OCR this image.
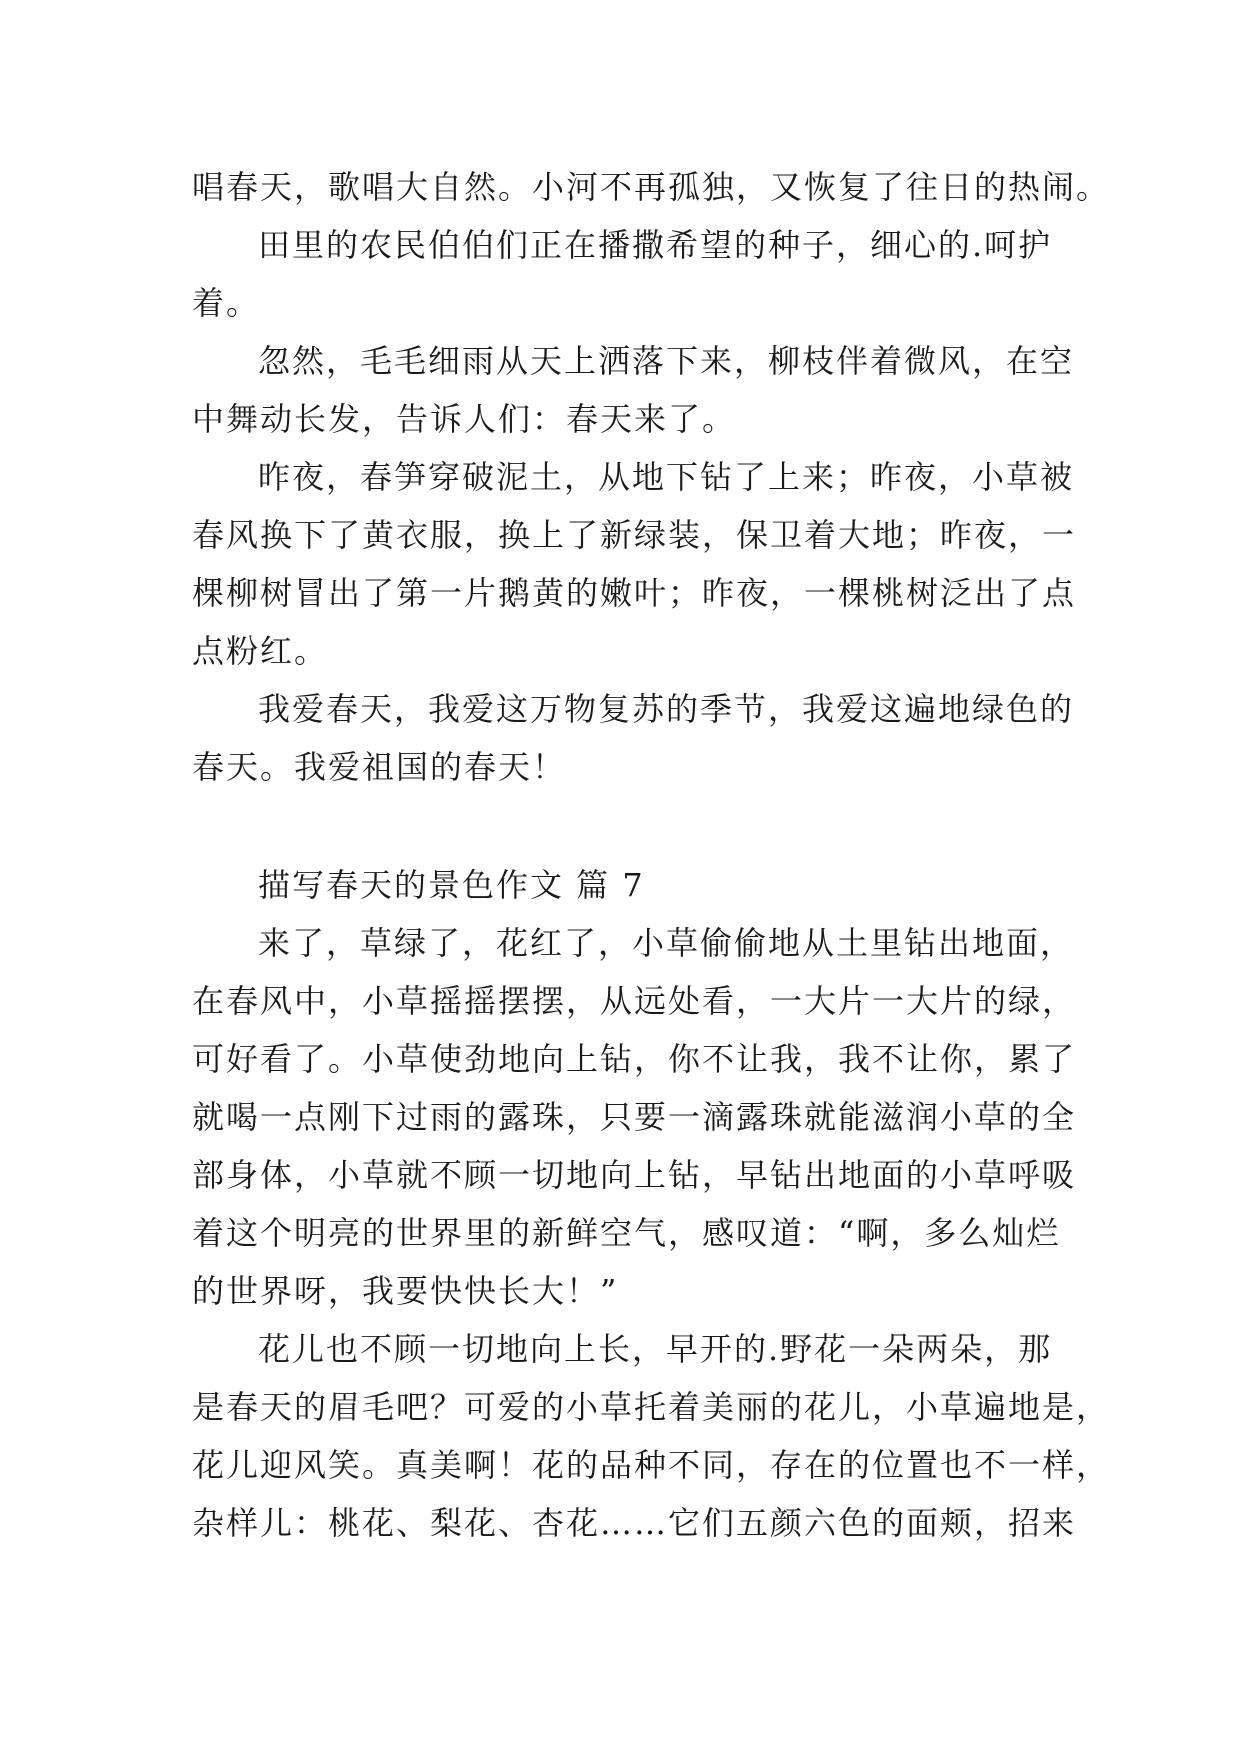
唱春天，歌唱大自然。小河不再孤独，又恢复了往日的热闹。
田里的农民伯伯们正在播撒希望的种子，细心的.呵护
着。
忽然，毛毛细雨从天上洒落下来，柳枝伴着微风，在空
中舞动长发，告诉人们：春天来了。
昨夜，春笋穿破泥土，从地下钻了上来；昨夜，小草被
春风换下了黄衣服，换上了新绿装，保卫着大地；昨夜，一
棵柳树冒出了第一片鹅黄的嫩叶；昨夜，一棵桃树泛出了点
点粉红。
我爱春天，我爱这万物复苏的季节，我爱这遍地绿色的
春天。我爱祖国的春天！
描写春天的景色作文 篇 7
来了，草绿了，花红了，小草偷偷地从土里钻出地面，
在春风中，小草摇摇摆摆，从远处看，一大片一大片的绿，
可好看了。小草使劲地向上钻，你不让我，我不让你，累了
就喝一点刚下过雨的露珠，只要一滴露珠就能滋润小草的全
部身体，小草就不顾一切地向上钻，早钻出地面的小草呼吸
着这个明亮的世界里的新鲜空气，感叹道：“啊，多么灿烂
的世界呀，我要快快长大！”
花儿也不顾一切地向上长，早开的.野花一朵两朵，那
是春天的眉毛吧？可爱的小草托着美丽的花儿，小草遍地是，
花儿迎风笑。真美啊！花的品种不同，存在的位置也不一样，
杂样儿：桃花、梨花、杏花……它们五颜六色的面颊，招来
